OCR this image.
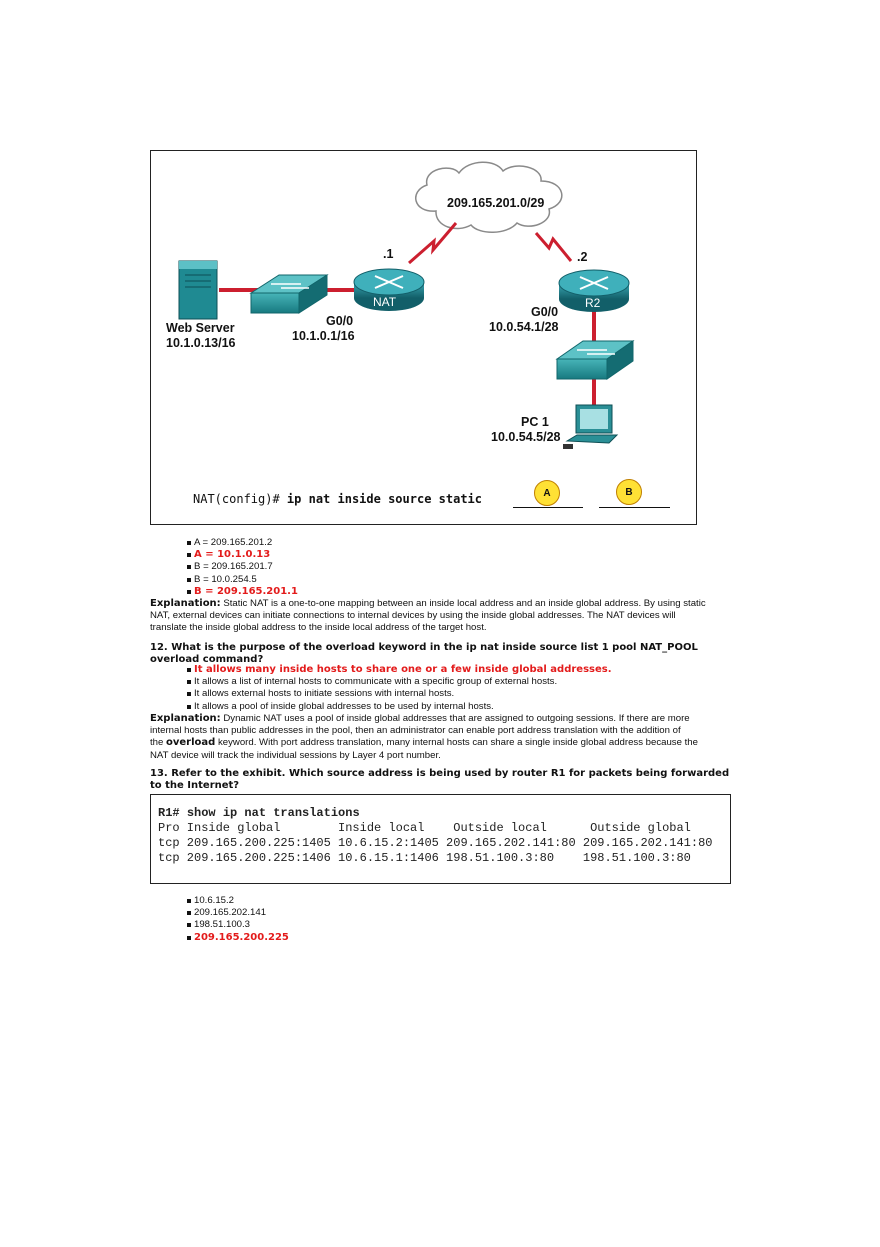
209.165.201.0/29
.1	.2
NAT	R2
Web Server
10.1.0.13/16
G0/0
10.1.0.1/16
G0/0
10.0.54.1/28
PC 1
10.0.54.5/28
NAT(config)# ip nat inside source static	A	B
A = 209.165.201.2
A = 10.1.0.13
B = 209.165.201.7
B = 10.0.254.5
B = 209.165.201.1
Explanation: Static NAT is a one-to-one mapping between an inside local address and an inside global address. By using static
NAT, external devices can initiate connections to internal devices by using the inside global addresses. The NAT devices will
translate the inside global address to the inside local address of the target host.
12. What is the purpose of the overload keyword in the ip nat inside source list 1 pool NAT_POOL
overload command?
It allows many inside hosts to share one or a few inside global addresses.
It allows a list of internal hosts to communicate with a specific group of external hosts.
It allows external hosts to initiate sessions with internal hosts.
It allows a pool of inside global addresses to be used by internal hosts.
Explanation: Dynamic NAT uses a pool of inside global addresses that are assigned to outgoing sessions. If there are more
internal hosts than public addresses in the pool, then an administrator can enable port address translation with the addition of
the overload keyword. With port address translation, many internal hosts can share a single inside global address because the
NAT device will track the individual sessions by Layer 4 port number.
13. Refer to the exhibit. Which source address is being used by router R1 for packets being forwarded
to the Internet?
R1# show ip nat translations
Pro Inside global        Inside local    Outside local      Outside global
tcp 209.165.200.225:1405 10.6.15.2:1405 209.165.202.141:80 209.165.202.141:80
tcp 209.165.200.225:1406 10.6.15.1:1406 198.51.100.3:80    198.51.100.3:80
10.6.15.2
209.165.202.141
198.51.100.3
209.165.200.225
